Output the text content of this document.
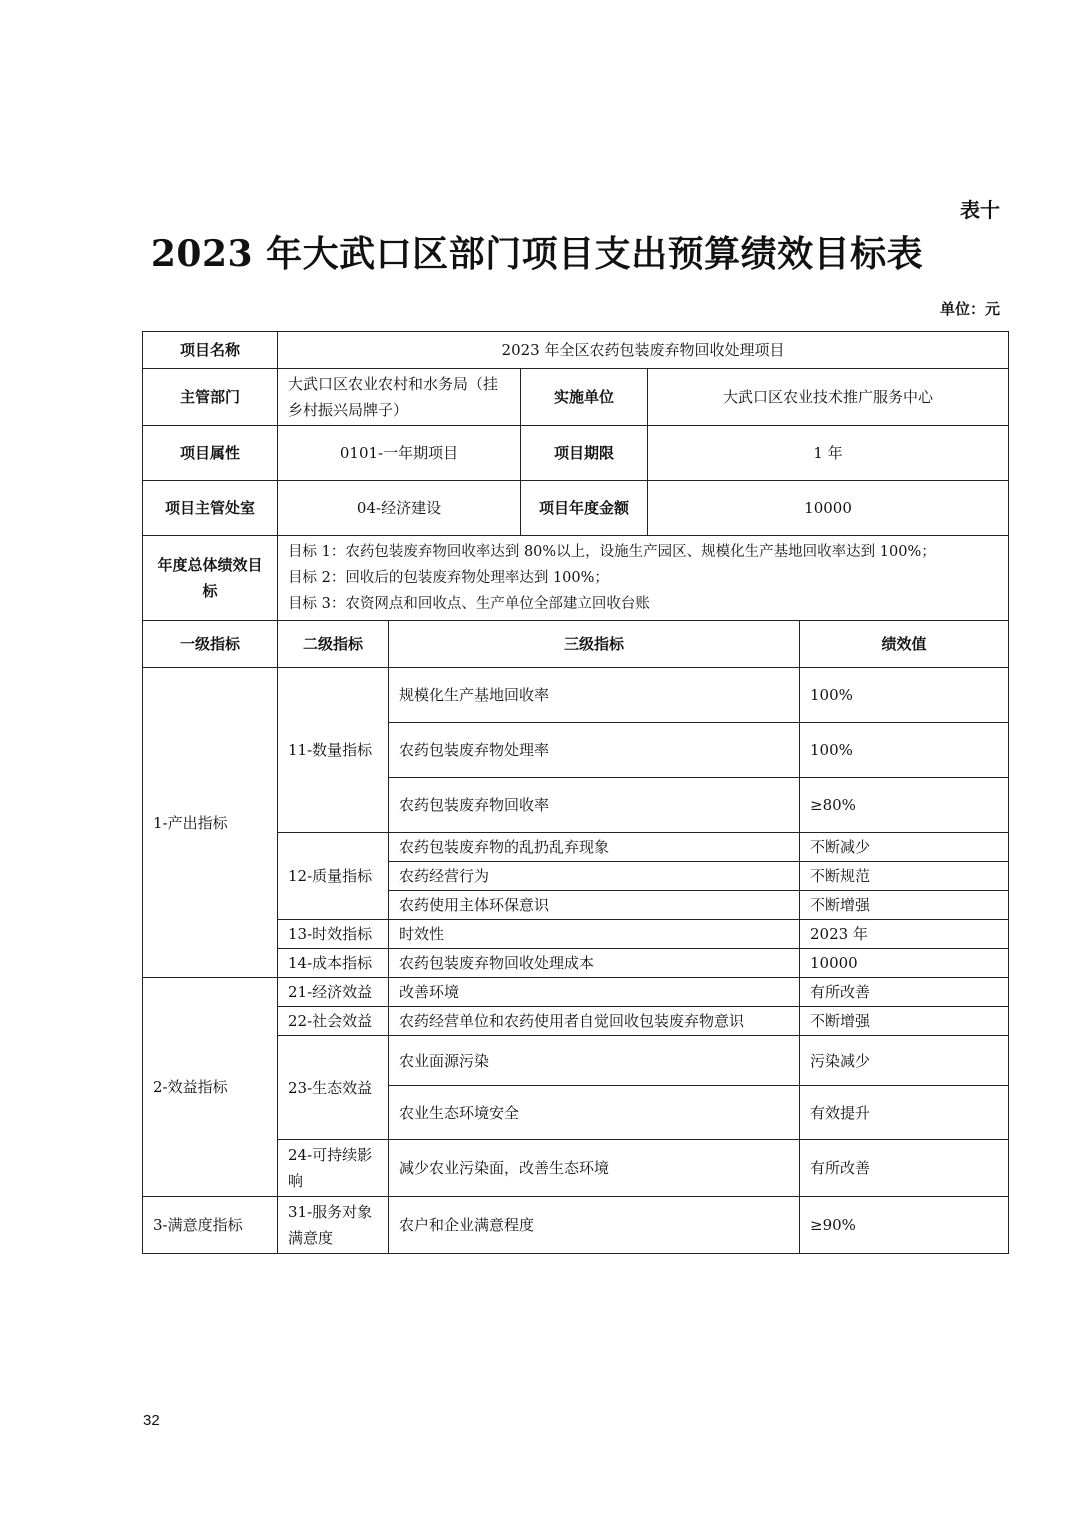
表十
2023 年大武口区部门项目支出预算绩效目标表
单位：元
项目名称	2023 年全区农药包装废弃物回收处理项目				
主管部门	大武口区农业农村和水务局（挂乡村振兴局牌子）		实施单位	大武口区农业技术推广服务中心	
项目属性	0101-一年期项目		项目期限	1 年	
项目主管处室	04-经济建设		项目年度金额	10000	
年度总体绩效目标	目标 1：农药包装废弃物回收率达到 80%以上，设施生产园区、规模化生产基地回收率达到 100%；
目标 2：回收后的包装废弃物处理率达到 100%；
目标 3：农资网点和回收点、生产单位全部建立回收台账				

一级指标	二级指标	三级指标			绩效值
1-产出指标	11-数量指标	规模化生产基地回收率			100%
		农药包装废弃物处理率			100%
		农药包装废弃物回收率			≥80%
	12-质量指标	农药包装废弃物的乱扔乱弃现象			不断减少
		农药经营行为			不断规范
		农药使用主体环保意识			不断增强
	13-时效指标	时效性			2023 年
	14-成本指标	农药包装废弃物回收处理成本			10000
2-效益指标	21-经济效益	改善环境			有所改善
	22-社会效益	农药经营单位和农药使用者自觉回收包装废弃物意识			不断增强
	23-生态效益	农业面源污染			污染减少
		农业生态环境安全			有效提升
	24-可持续影响	减少农业污染面，改善生态环境			有所改善
3-满意度指标	31-服务对象满意度	农户和企业满意程度			≥90%
32
